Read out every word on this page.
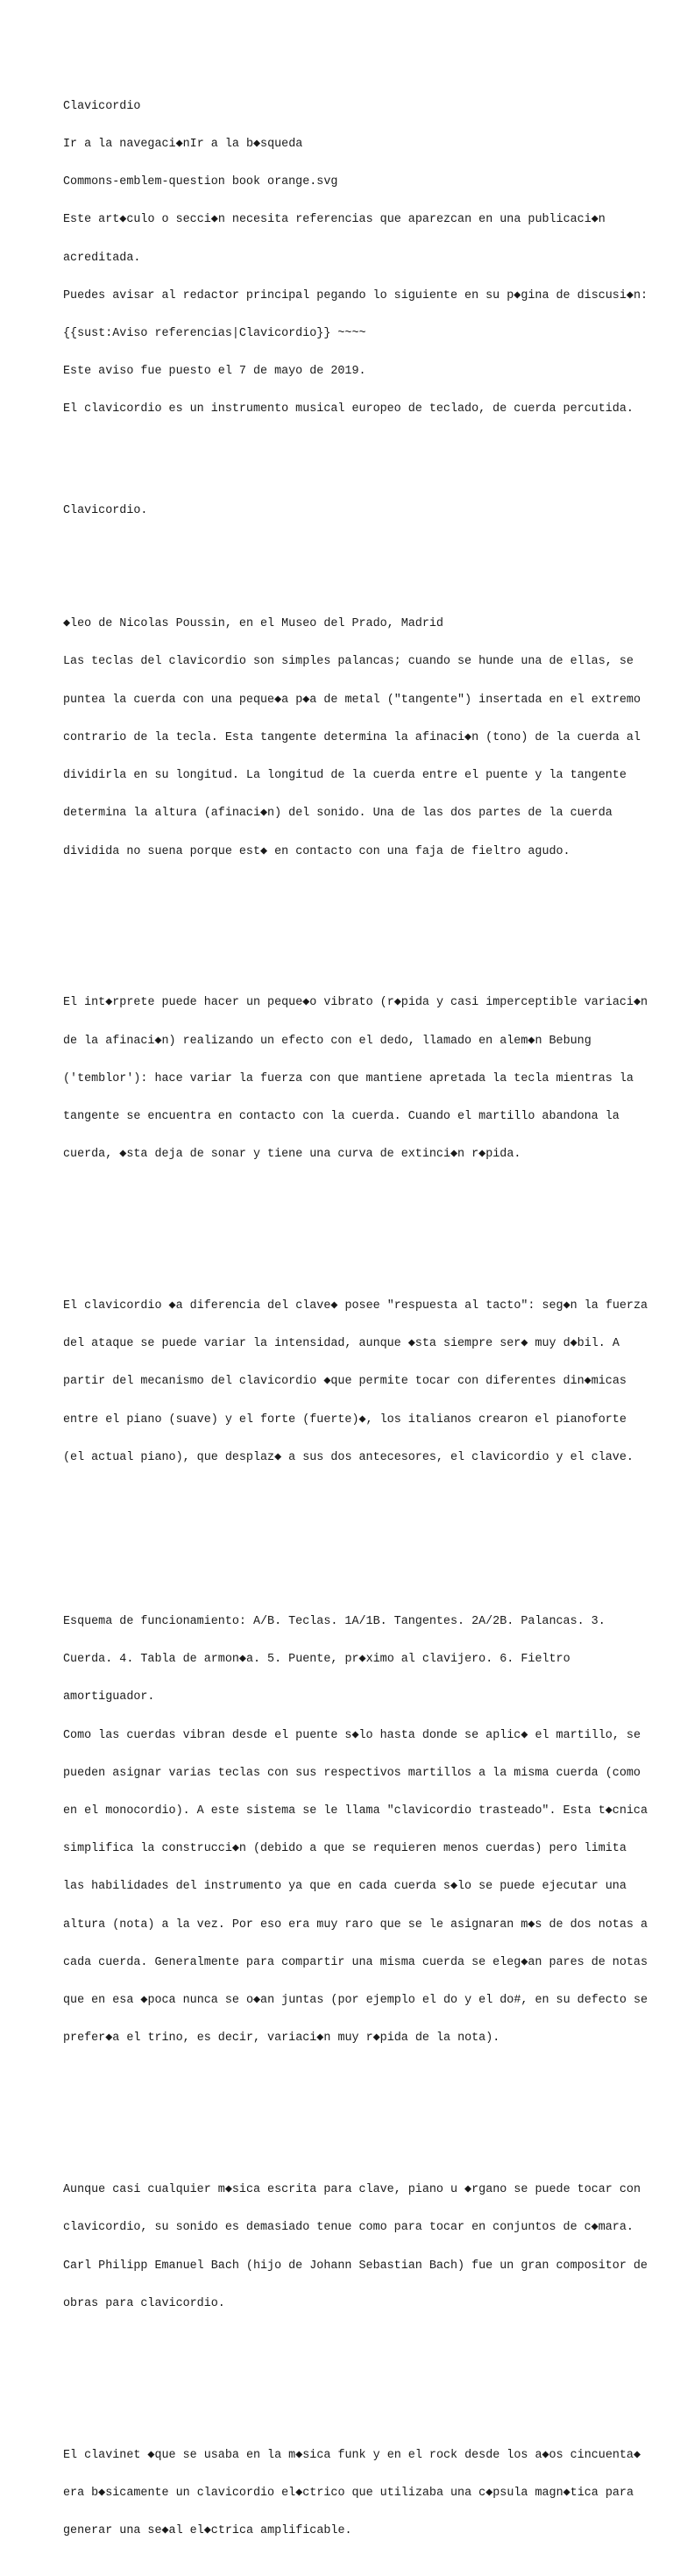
Clavicordio

Ir a la navegaci◆nIr a la b◆squeda

Commons-emblem-question book orange.svg

Este art◆culo o secci◆n necesita referencias que aparezcan en una publicaci◆n

acreditada.

Puedes avisar al redactor principal pegando lo siguiente en su p◆gina de discusi◆n:

{{sust:Aviso referencias|Clavicordio}} ~~~~

Este aviso fue puesto el 7 de mayo de 2019.

El clavicordio es un instrumento musical europeo de teclado, de cuerda percutida.

Clavicordio.

◆leo de Nicolas Poussin, en el Museo del Prado, Madrid

Las teclas del clavicordio son simples palancas; cuando se hunde una de ellas, se

puntea la cuerda con una peque◆a p◆a de metal ("tangente") insertada en el extremo

contrario de la tecla. Esta tangente determina la afinaci◆n (tono) de la cuerda al

dividirla en su longitud. La longitud de la cuerda entre el puente y la tangente

determina la altura (afinaci◆n) del sonido. Una de las dos partes de la cuerda

dividida no suena porque est◆ en contacto con una faja de fieltro agudo.

El int◆rprete puede hacer un peque◆o vibrato (r◆pida y casi imperceptible variaci◆n

de la afinaci◆n) realizando un efecto con el dedo, llamado en alem◆n Bebung

('temblor'): hace variar la fuerza con que mantiene apretada la tecla mientras la

tangente se encuentra en contacto con la cuerda. Cuando el martillo abandona la

cuerda, ◆sta deja de sonar y tiene una curva de extinci◆n r◆pida.

El clavicordio ◆a diferencia del clave◆ posee "respuesta al tacto": seg◆n la fuerza

del ataque se puede variar la intensidad, aunque ◆sta siempre ser◆ muy d◆bil. A

partir del mecanismo del clavicordio ◆que permite tocar con diferentes din◆micas

entre el piano (suave) y el forte (fuerte)◆, los italianos crearon el pianoforte

(el actual piano), que desplaz◆ a sus dos antecesores, el clavicordio y el clave.

Esquema de funcionamiento: A/B. Teclas. 1A/1B. Tangentes. 2A/2B. Palancas. 3.

Cuerda. 4. Tabla de armon◆a. 5. Puente, pr◆ximo al clavijero. 6. Fieltro

amortiguador.

Como las cuerdas vibran desde el puente s◆lo hasta donde se aplic◆ el martillo, se

pueden asignar varias teclas con sus respectivos martillos a la misma cuerda (como

en el monocordio). A este sistema se le llama "clavicordio trasteado". Esta t◆cnica

simplifica la construcci◆n (debido a que se requieren menos cuerdas) pero limita

las habilidades del instrumento ya que en cada cuerda s◆lo se puede ejecutar una

altura (nota) a la vez. Por eso era muy raro que se le asignaran m◆s de dos notas a

cada cuerda. Generalmente para compartir una misma cuerda se eleg◆an pares de notas

que en esa ◆poca nunca se o◆an juntas (por ejemplo el do y el do#, en su defecto se

prefer◆a el trino, es decir, variaci◆n muy r◆pida de la nota).

Aunque casi cualquier m◆sica escrita para clave, piano u ◆rgano se puede tocar con

clavicordio, su sonido es demasiado tenue como para tocar en conjuntos de c◆mara.

Carl Philipp Emanuel Bach (hijo de Johann Sebastian Bach) fue un gran compositor de

obras para clavicordio.

El clavinet ◆que se usaba en la m◆sica funk y en el rock desde los a◆os cincuenta◆

era b◆sicamente un clavicordio el◆ctrico que utilizaba una c◆psula magn◆tica para

generar una se◆al el◆ctrica amplificable.
